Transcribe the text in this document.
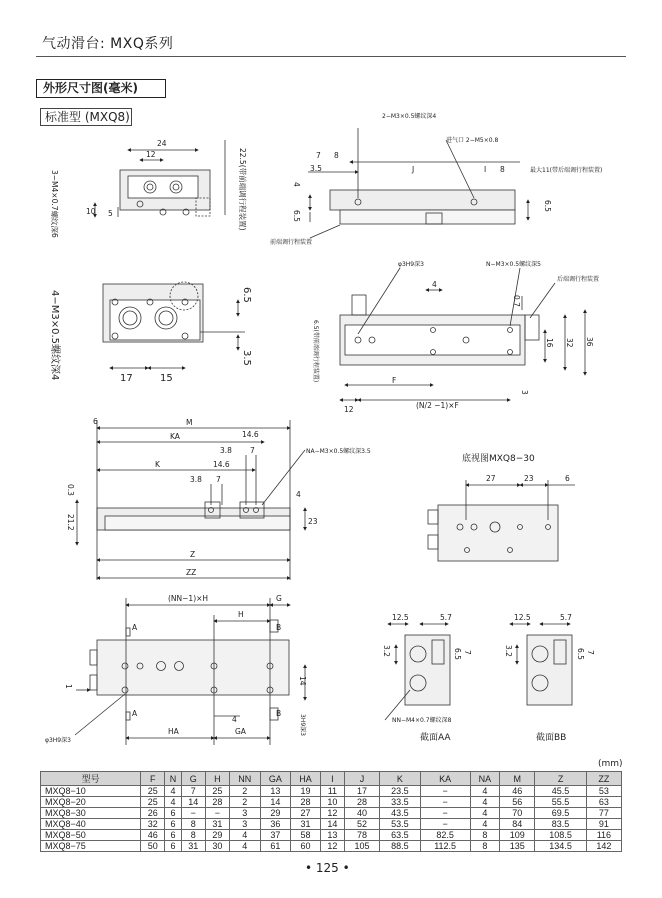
气动滑台: MXQ系列
外形尺寸图(毫米)
标准型 (MXQ8)
24
12
10 5
3−M4×0.7螺纹深6	22.5(带前端调行程装置)
4−M3×0.5螺纹深4	6.5
3.5
17	15
2−M3×0.5螺纹深4
进气口 2−M5×0.8
7 8
3.5	J	I 8	最大11(带后端调行程装置)
4
6.5
6.5
前端调行程装置
φ3H9深3	N−M3×0.5螺纹深5
后端调行程装置
4
0.7
16 32 36
F
12
3
(N/2 −1)×F
6.5(带前端调行程装置)
6	M
KA	14.6
3.8 7
K	14.6
3.8 7
NA−M3×0.5螺纹深3.5
0.3
21.2
4
23
Z
ZZ
底视图MXQ8−30
27	23	6
(NN−1)×H	G
H
A	B
A	B
1
4
14
HA	GA
φ3H9深3
3H9深3
12.5	5.7	12.5	5.7
3.2	6.5 7	3.2	6.5 7
NN−M4×0.7螺纹深8
截面AA	截面BB
(mm)
型号	F	N	G	H	NN	GA	HA	I	J	K	KA	NA	M	Z	ZZ
MXQ8−10	25	4	7	25	2	13	19	11	17	23.5	−	4	46	45.5	53
MXQ8−20	25	4	14	28	2	14	28	10	28	33.5	−	4	56	55.5	63
MXQ8−30	26	6	−	−	3	29	27	12	40	43.5	−	4	70	69.5	77
MXQ8−40	32	6	8	31	3	36	31	14	52	53.5	−	4	84	83.5	91
MXQ8−50	46	6	8	29	4	37	58	13	78	63.5	82.5	8	109	108.5	116
MXQ8−75	50	6	31	30	4	61	60	12	105	88.5	112.5	8	135	134.5	142
• 125 •
